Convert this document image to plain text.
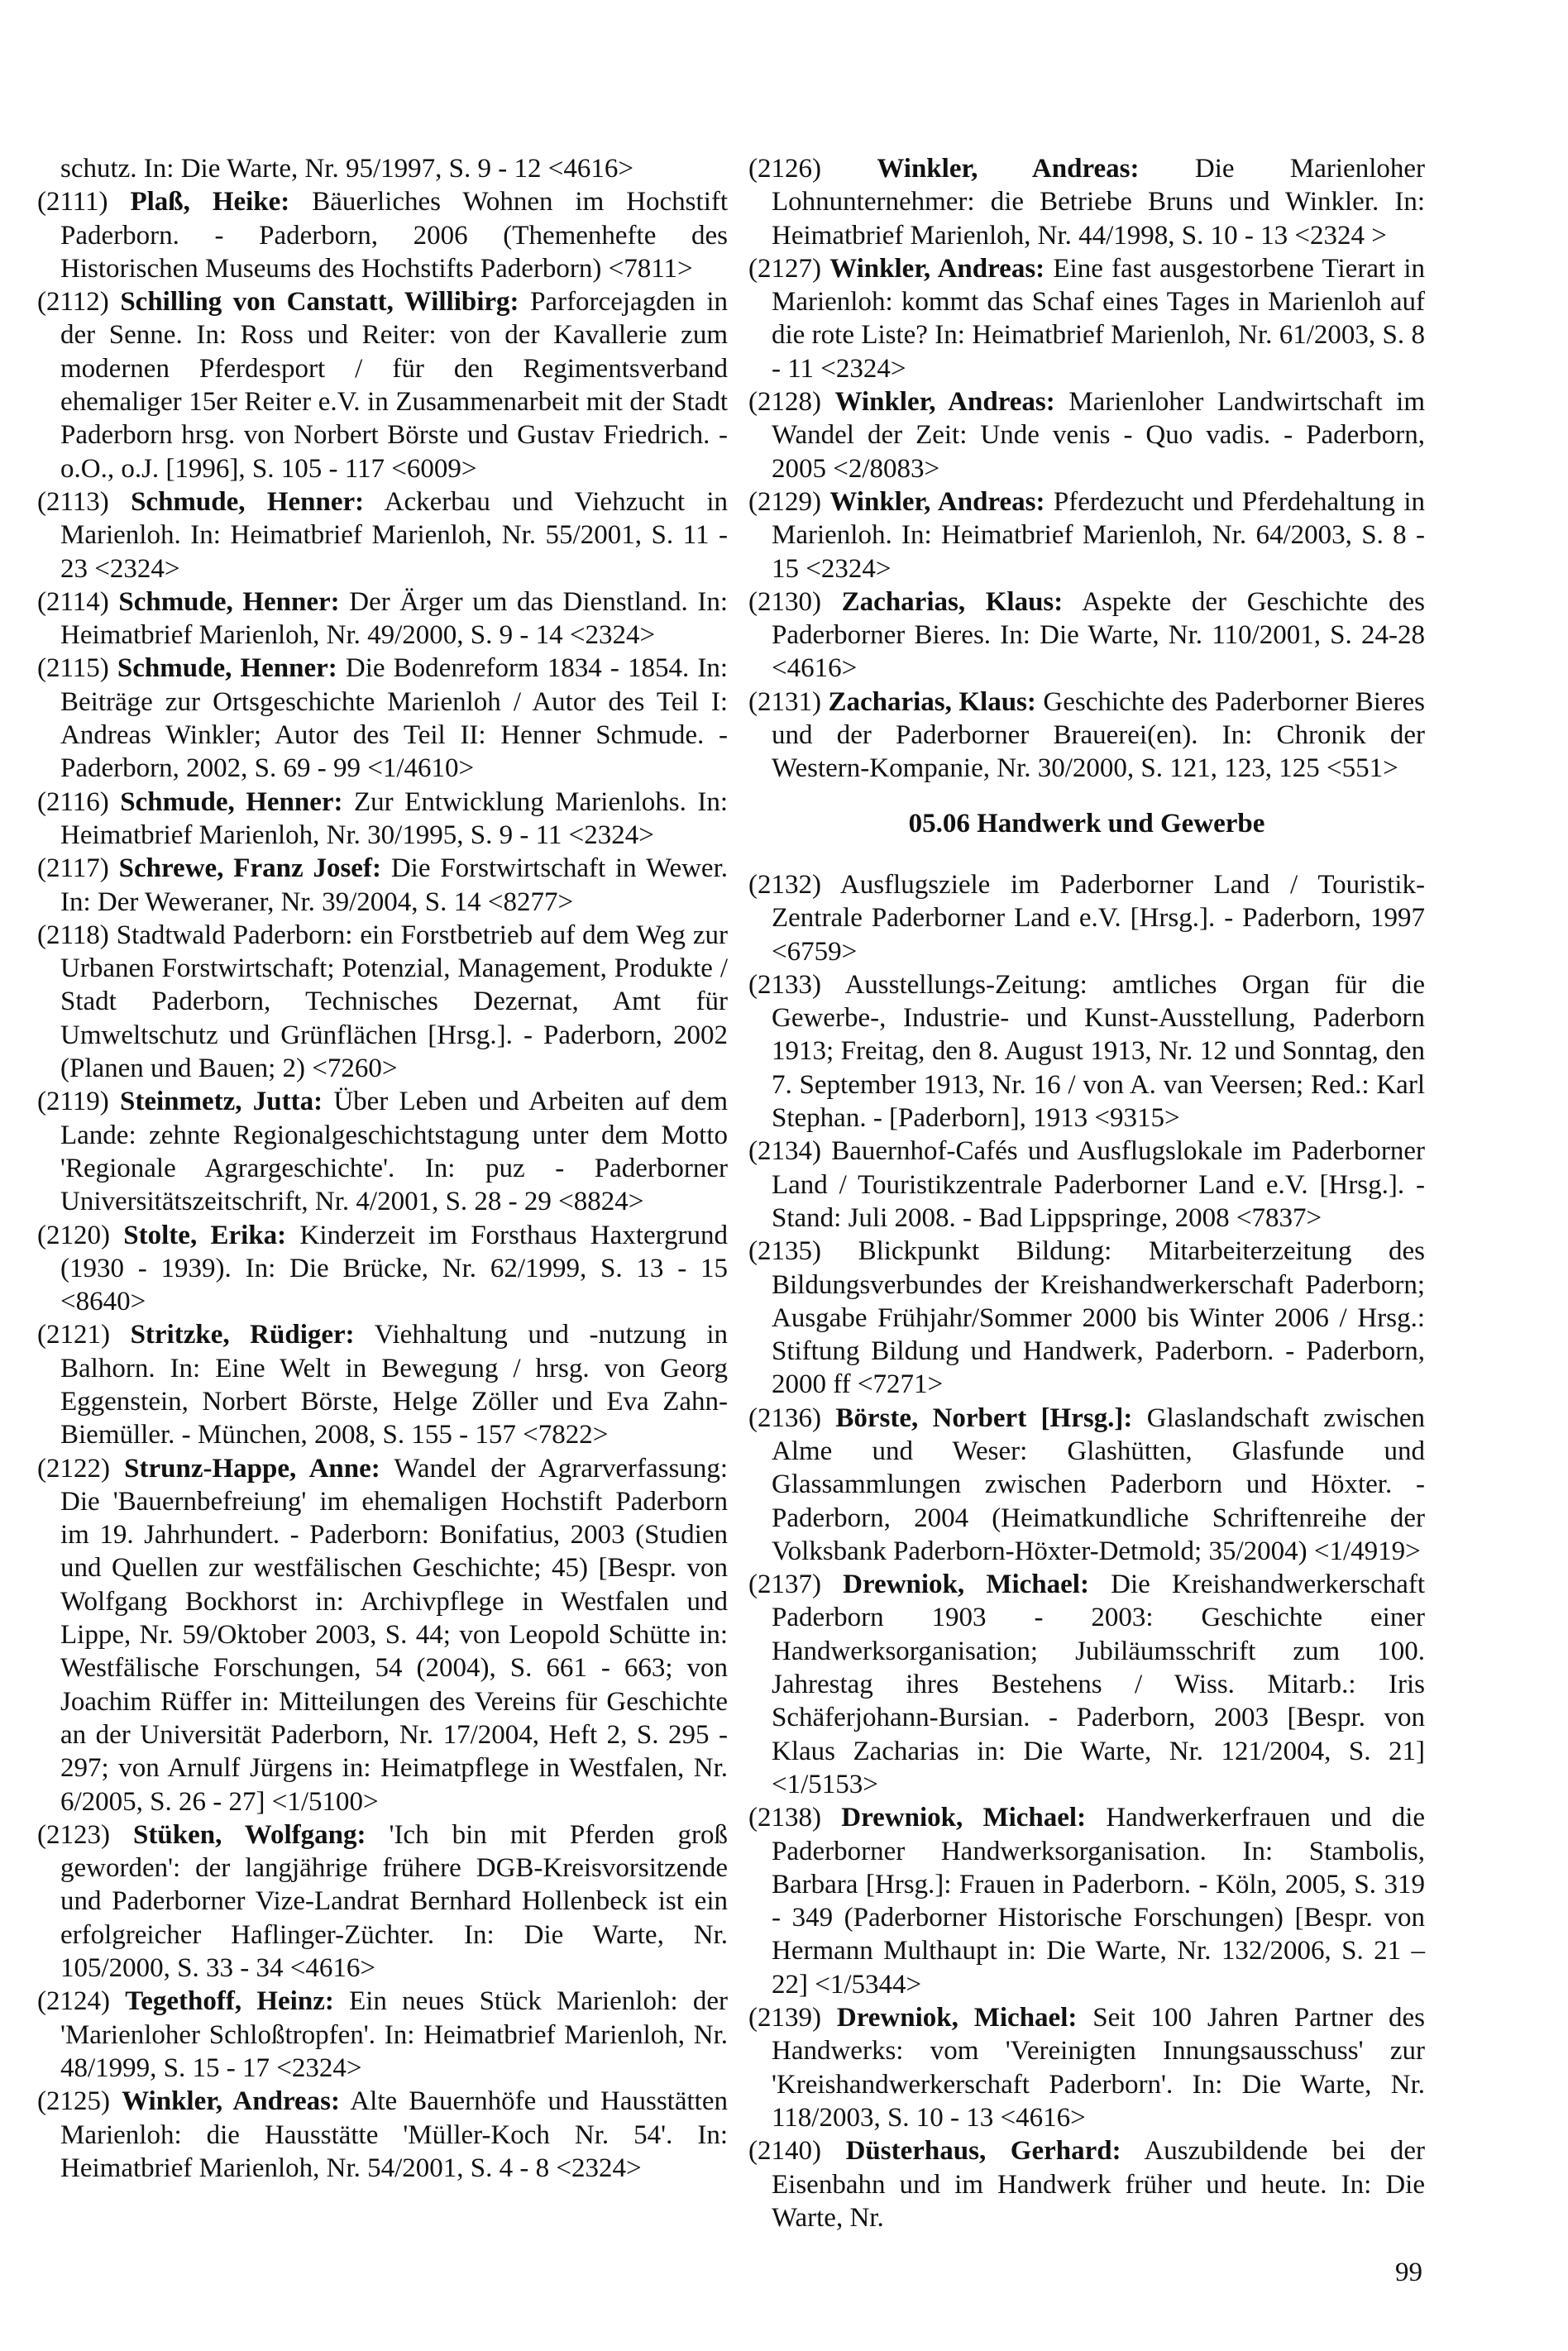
schutz. In: Die Warte, Nr. 95/1997, S. 9 - 12 <4616>

(2111) Plaß, Heike: Bäuerliches Wohnen im Hochstift Paderborn. - Paderborn, 2006 (Themenhefte des Historischen Museums des Hochstifts Paderborn) <7811>

(2112) Schilling von Canstatt, Willibirg: Parforcejagden in der Senne. In: Ross und Reiter: von der Kavallerie zum modernen Pferdesport / für den Regimentsverband ehemaliger 15er Reiter e.V. in Zusammenarbeit mit der Stadt Paderborn hrsg. von Norbert Börste und Gustav Friedrich. - o.O., o.J. [1996], S. 105 - 117 <6009>

(2113) Schmude, Henner: Ackerbau und Viehzucht in Marienloh. In: Heimatbrief Marienloh, Nr. 55/2001, S. 11 - 23 <2324>

(2114) Schmude, Henner: Der Ärger um das Dienstland. In: Heimatbrief Marienloh, Nr. 49/2000, S. 9 - 14 <2324>

(2115) Schmude, Henner: Die Bodenreform 1834 - 1854. In: Beiträge zur Ortsgeschichte Marienloh / Autor des Teil I: Andreas Winkler; Autor des Teil II: Henner Schmude. - Paderborn, 2002, S. 69 - 99 <1/4610>

(2116) Schmude, Henner: Zur Entwicklung Marienlohs. In: Heimatbrief Marienloh, Nr. 30/1995, S. 9 - 11 <2324>

(2117) Schrewe, Franz Josef: Die Forstwirtschaft in Wewer. In: Der Weweraner, Nr. 39/2004, S. 14 <8277>

(2118) Stadtwald Paderborn: ein Forstbetrieb auf dem Weg zur Urbanen Forstwirtschaft; Potenzial, Management, Produkte / Stadt Paderborn, Technisches Dezernat, Amt für Umweltschutz und Grünflächen [Hrsg.]. - Paderborn, 2002 (Planen und Bauen; 2) <7260>

(2119) Steinmetz, Jutta: Über Leben und Arbeiten auf dem Lande: zehnte Regionalgeschichtstagung unter dem Motto 'Regionale Agrargeschichte'. In: puz - Paderborner Universitätszeitschrift, Nr. 4/2001, S. 28 - 29 <8824>

(2120) Stolte, Erika: Kinderzeit im Forsthaus Haxtergrund (1930 - 1939). In: Die Brücke, Nr. 62/1999, S. 13 - 15 <8640>

(2121) Stritzke, Rüdiger: Viehhaltung und -nutzung in Balhorn. In: Eine Welt in Bewegung / hrsg. von Georg Eggenstein, Norbert Börste, Helge Zöller und Eva Zahn-Biemüller. - München, 2008, S. 155 - 157 <7822>

(2122) Strunz-Happe, Anne: Wandel der Agrarverfassung: Die 'Bauernbefreiung' im ehemaligen Hochstift Paderborn im 19. Jahrhundert. - Paderborn: Bonifatius, 2003 (Studien und Quellen zur westfälischen Geschichte; 45) [Bespr. von Wolfgang Bockhorst in: Archivpflege in Westfalen und Lippe, Nr. 59/Oktober 2003, S. 44; von Leopold Schütte in: Westfälische Forschungen, 54 (2004), S. 661 - 663; von Joachim Rüffer in: Mitteilungen des Vereins für Geschichte an der Universität Paderborn, Nr. 17/2004, Heft 2, S. 295 - 297; von Arnulf Jürgens in: Heimatpflege in Westfalen, Nr. 6/2005, S. 26 - 27] <1/5100>

(2123) Stüken, Wolfgang: 'Ich bin mit Pferden groß geworden': der langjährige frühere DGB-Kreisvorsitzende und Paderborner Vize-Landrat Bernhard Hollenbeck ist ein erfolgreicher Haflinger-Züchter. In: Die Warte, Nr. 105/2000, S. 33 - 34 <4616>

(2124) Tegethoff, Heinz: Ein neues Stück Marienloh: der 'Marienloher Schloßtropfen'. In: Heimatbrief Marienloh, Nr. 48/1999, S. 15 - 17 <2324>

(2125) Winkler, Andreas: Alte Bauernhöfe und Hausstätten Marienloh: die Hausstätte 'Müller-Koch Nr. 54'. In: Heimatbrief Marienloh, Nr. 54/2001, S. 4 - 8 <2324>

(2126) Winkler, Andreas: Die Marienloher Lohnunternehmer: die Betriebe Bruns und Winkler. In: Heimatbrief Marienloh, Nr. 44/1998, S. 10 - 13 <2324 >

(2127) Winkler, Andreas: Eine fast ausgestorbene Tierart in Marienloh: kommt das Schaf eines Tages in Marienloh auf die rote Liste? In: Heimatbrief Marienloh, Nr. 61/2003, S. 8 - 11 <2324>

(2128) Winkler, Andreas: Marienloher Landwirtschaft im Wandel der Zeit: Unde venis - Quo vadis. - Paderborn, 2005 <2/8083>

(2129) Winkler, Andreas: Pferdezucht und Pferdehaltung in Marienloh. In: Heimatbrief Marienloh, Nr. 64/2003, S. 8 - 15 <2324>

(2130) Zacharias, Klaus: Aspekte der Geschichte des Paderborner Bieres. In: Die Warte, Nr. 110/2001, S. 24-28 <4616>

(2131) Zacharias, Klaus: Geschichte des Paderborner Bieres und der Paderborner Brauerei(en). In: Chronik der Western-Kompanie, Nr. 30/2000, S. 121, 123, 125 <551>

05.06 Handwerk und Gewerbe

(2132) Ausflugsziele im Paderborner Land / Touristik-Zentrale Paderborner Land e.V. [Hrsg.]. - Paderborn, 1997 <6759>

(2133) Ausstellungs-Zeitung: amtliches Organ für die Gewerbe-, Industrie- und Kunst-Ausstellung, Paderborn 1913; Freitag, den 8. August 1913, Nr. 12 und Sonntag, den 7. September 1913, Nr. 16 / von A. van Veersen; Red.: Karl Stephan. - [Paderborn], 1913 <9315>

(2134) Bauernhof-Cafés und Ausflugslokale im Paderborner Land / Touristikzentrale Paderborner Land e.V. [Hrsg.]. - Stand: Juli 2008. - Bad Lippspringe, 2008 <7837>

(2135) Blickpunkt Bildung: Mitarbeiterzeitung des Bildungsverbundes der Kreishandwerkerschaft Paderborn; Ausgabe Frühjahr/Sommer 2000 bis Winter 2006 / Hrsg.: Stiftung Bildung und Handwerk, Paderborn. - Paderborn, 2000 ff <7271>

(2136) Börste, Norbert [Hrsg.]: Glaslandschaft zwischen Alme und Weser: Glashütten, Glasfunde und Glassammlungen zwischen Paderborn und Höxter. - Paderborn, 2004 (Heimatkundliche Schriftenreihe der Volksbank Paderborn-Höxter-Detmold; 35/2004) <1/4919>

(2137) Drewniok, Michael: Die Kreishandwerkerschaft Paderborn 1903 - 2003: Geschichte einer Handwerksorganisation; Jubiläumsschrift zum 100. Jahrestag ihres Bestehens / Wiss. Mitarb.: Iris Schäferjohann-Bursian. - Paderborn, 2003 [Bespr. von Klaus Zacharias in: Die Warte, Nr. 121/2004, S. 21] <1/5153>

(2138) Drewniok, Michael: Handwerkerfrauen und die Paderborner Handwerksorganisation. In: Stambolis, Barbara [Hrsg.]: Frauen in Paderborn. - Köln, 2005, S. 319 - 349 (Paderborner Historische Forschungen) [Bespr. von Hermann Multhaupt in: Die Warte, Nr. 132/2006, S. 21 – 22] <1/5344>

(2139) Drewniok, Michael: Seit 100 Jahren Partner des Handwerks: vom 'Vereinigten Innungsausschuss' zur 'Kreishandwerkerschaft Paderborn'. In: Die Warte, Nr. 118/2003, S. 10 - 13 <4616>

(2140) Düsterhaus, Gerhard: Auszubildende bei der Eisenbahn und im Handwerk früher und heute. In: Die Warte, Nr.

99
